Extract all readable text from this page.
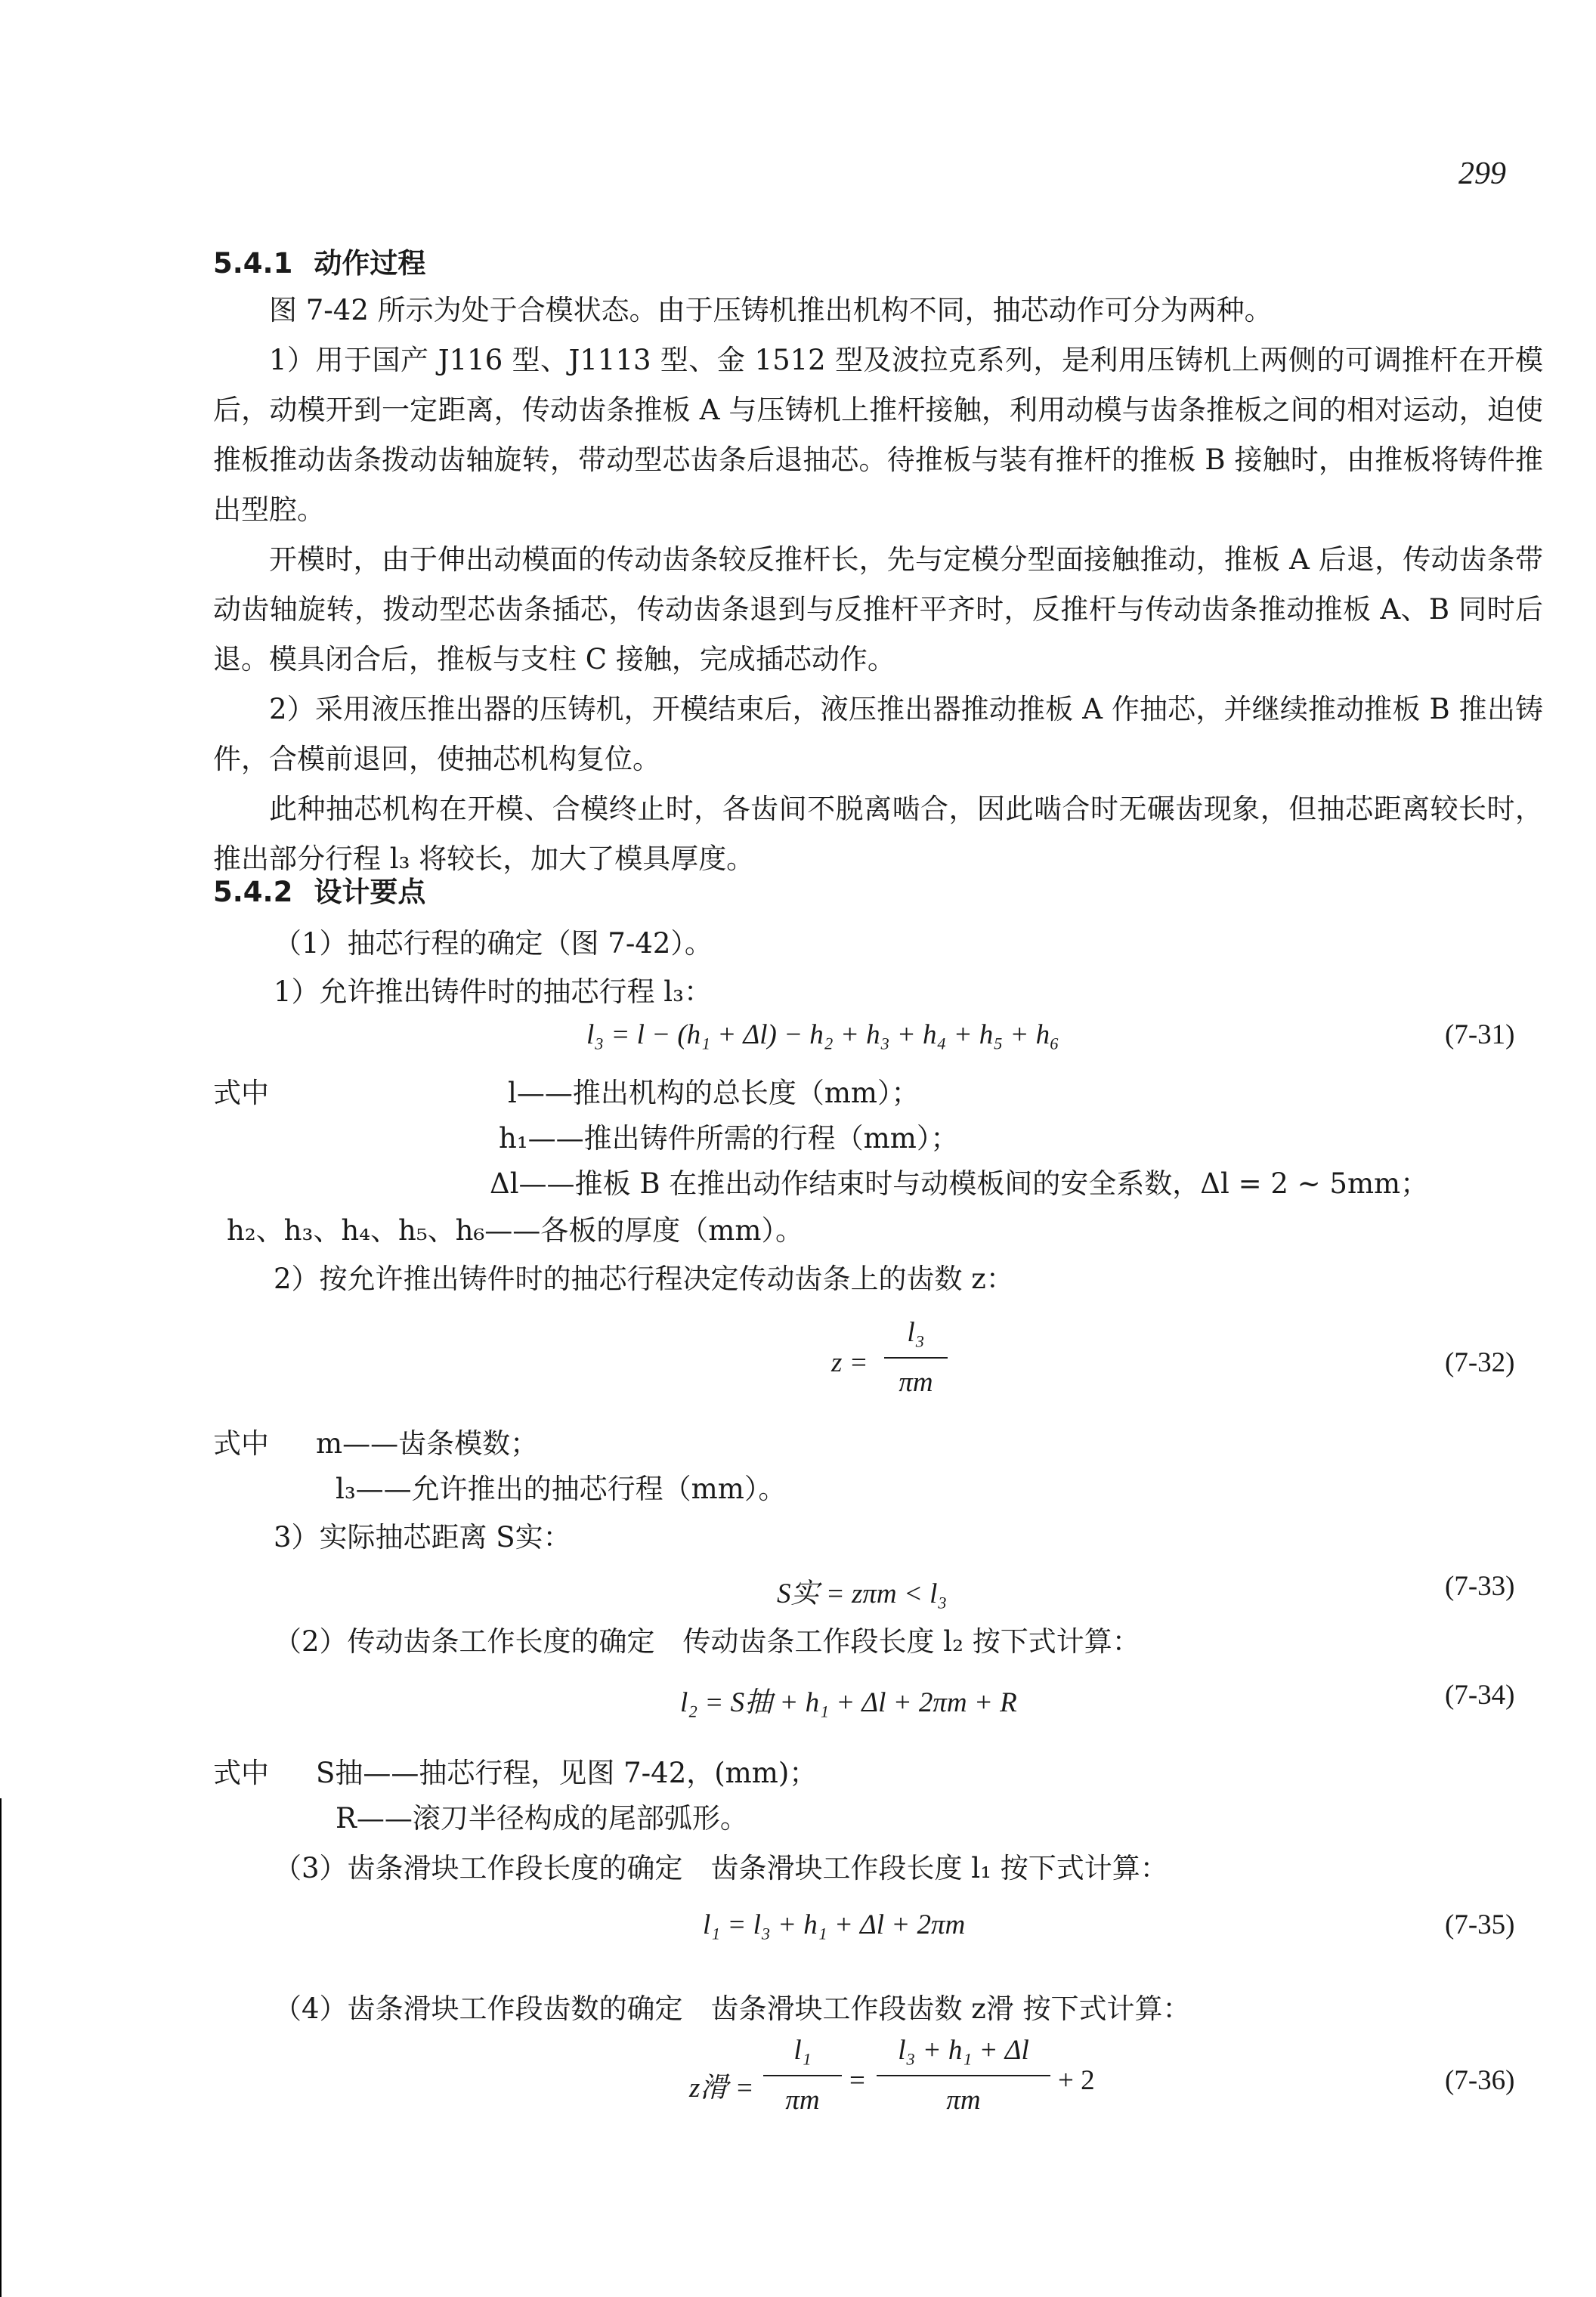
299
5.4.1 动作过程
图 7-42 所示为处于合模状态。由于压铸机推出机构不同，抽芯动作可分为两种。
1）用于国产 J116 型、J1113 型、金 1512 型及波拉克系列，是利用压铸机上两侧的可调推杆在开模后，动模开到一定距离，传动齿条推板 A 与压铸机上推杆接触，利用动模与齿条推板之间的相对运动，迫使推板推动齿条拨动齿轴旋转，带动型芯齿条后退抽芯。待推板与装有推杆的推板 B 接触时，由推板将铸件推出型腔。
开模时，由于伸出动模面的传动齿条较反推杆长，先与定模分型面接触推动，推板 A 后退，传动齿条带动齿轴旋转，拨动型芯齿条插芯，传动齿条退到与反推杆平齐时，反推杆与传动齿条推动推板 A、B 同时后退。模具闭合后，推板与支柱 C 接触，完成插芯动作。
2）采用液压推出器的压铸机，开模结束后，液压推出器推动推板 A 作抽芯，并继续推动推板 B 推出铸件，合模前退回，使抽芯机构复位。
此种抽芯机构在开模、合模终止时，各齿间不脱离啮合，因此啮合时无碾齿现象，但抽芯距离较长时，推出部分行程 l₃ 将较长，加大了模具厚度。
5.4.2 设计要点
（1）抽芯行程的确定（图 7-42）。
1）允许推出铸件时的抽芯行程 l₃：
l₃ = l − (h₁ + Δl) − h₂ + h₃ + h₄ + h₅ + h₆	(7-31)
式中	l——推出机构的总长度（mm）；
h₁——推出铸件所需的行程（mm）；
Δl——推板 B 在推出动作结束时与动模板间的安全系数，Δl = 2 ~ 5mm；
h₂、h₃、h₄、h₅、h₆——各板的厚度（mm）。
2）按允许推出铸件时的抽芯行程决定传动齿条上的齿数 z：
z =
l₃
πm
(7-32)
式中 m——齿条模数；
l₃——允许推出的抽芯行程（mm）。
3）实际抽芯距离 S实：
S实 = zπm < l₃	(7-33)
（2）传动齿条工作长度的确定　传动齿条工作段长度 l₂ 按下式计算：
l₂ = S抽 + h₁ + Δl + 2πm + R	(7-34)
式中 S抽——抽芯行程，见图 7-42，(mm)；
R——滚刀半径构成的尾部弧形。
（3）齿条滑块工作段长度的确定　齿条滑块工作段长度 l₁ 按下式计算：
l₁ = l₃ + h₁ + Δl + 2πm	(7-35)
（4）齿条滑块工作段齿数的确定　齿条滑块工作段齿数 z滑 按下式计算：
z滑 =
l₁
πm
=
l₃ + h₁ + Δl
πm
+ 2	(7-36)
